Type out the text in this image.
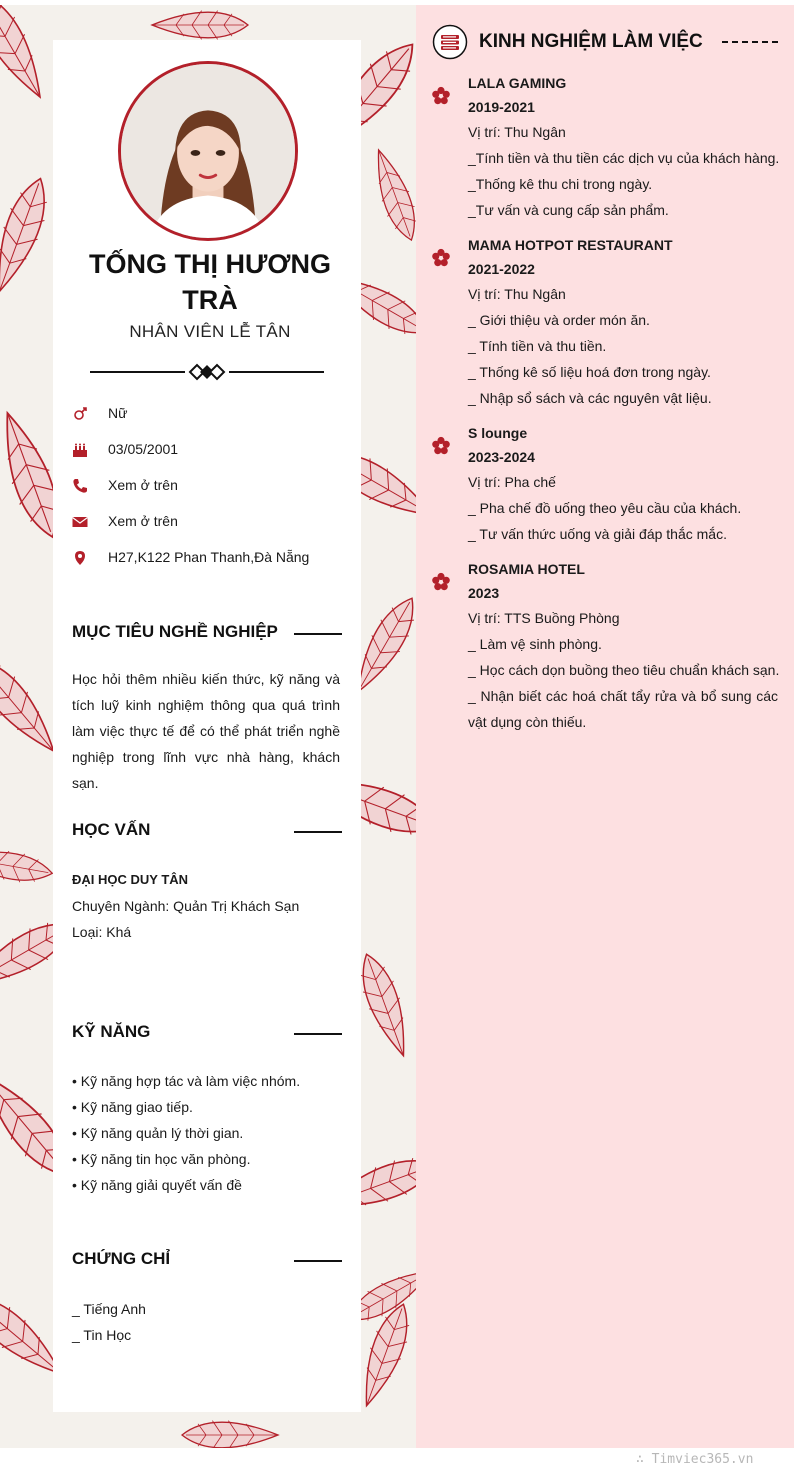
TỐNG THỊ HƯƠNG TRÀ
NHÂN VIÊN LỄ TÂN
Nữ
03/05/2001
Xem ở trên
Xem ở trên
H27,K122 Phan Thanh,Đà Nẵng
MỤC TIÊU NGHỀ NGHIỆP
Học hỏi thêm nhiều kiến thức, kỹ năng và tích luỹ kinh nghiệm thông qua quá trình làm việc thực tế để có thể phát triển nghề nghiệp trong lĩnh vực nhà hàng, khách sạn.
HỌC VẤN
ĐẠI HỌC DUY TÂN
Chuyên Ngành: Quản Trị Khách Sạn
Loại: Khá
KỸ NĂNG
• Kỹ năng hợp tác và làm việc nhóm.
• Kỹ năng giao tiếp.
• Kỹ năng quản lý thời gian.
• Kỹ năng tin học văn phòng.
• Kỹ năng giải quyết vấn đề
CHỨNG CHỈ
_ Tiếng Anh
_ Tin Học
KINH NGHIỆM LÀM VIỆC
LALA GAMING
2019-2021
Vị trí: Thu Ngân
_Tính tiền và thu tiền các dịch vụ của khách hàng.
_Thống kê thu chi trong ngày.
_Tư vấn và cung cấp sản phẩm.
MAMA HOTPOT RESTAURANT
2021-2022
Vị trí: Thu Ngân
_ Giới thiệu và order món ăn.
_ Tính tiền và thu tiền.
_ Thống kê số liệu hoá đơn trong ngày.
_ Nhập sổ sách và các nguyên vật liệu.
S lounge
2023-2024
Vị trí: Pha chế
_ Pha chế đồ uống theo yêu cầu của khách.
_ Tư vấn thức uống và giải đáp thắc mắc.
ROSAMIA HOTEL
2023
Vị trí: TTS Buồng Phòng
_ Làm vệ sinh phòng.
_ Học cách dọn buồng theo tiêu chuẩn khách sạn.
_ Nhận biết các hoá chất tẩy rửa và bổ sung các vật dụng còn thiếu.
∴ Timviec365.vn
